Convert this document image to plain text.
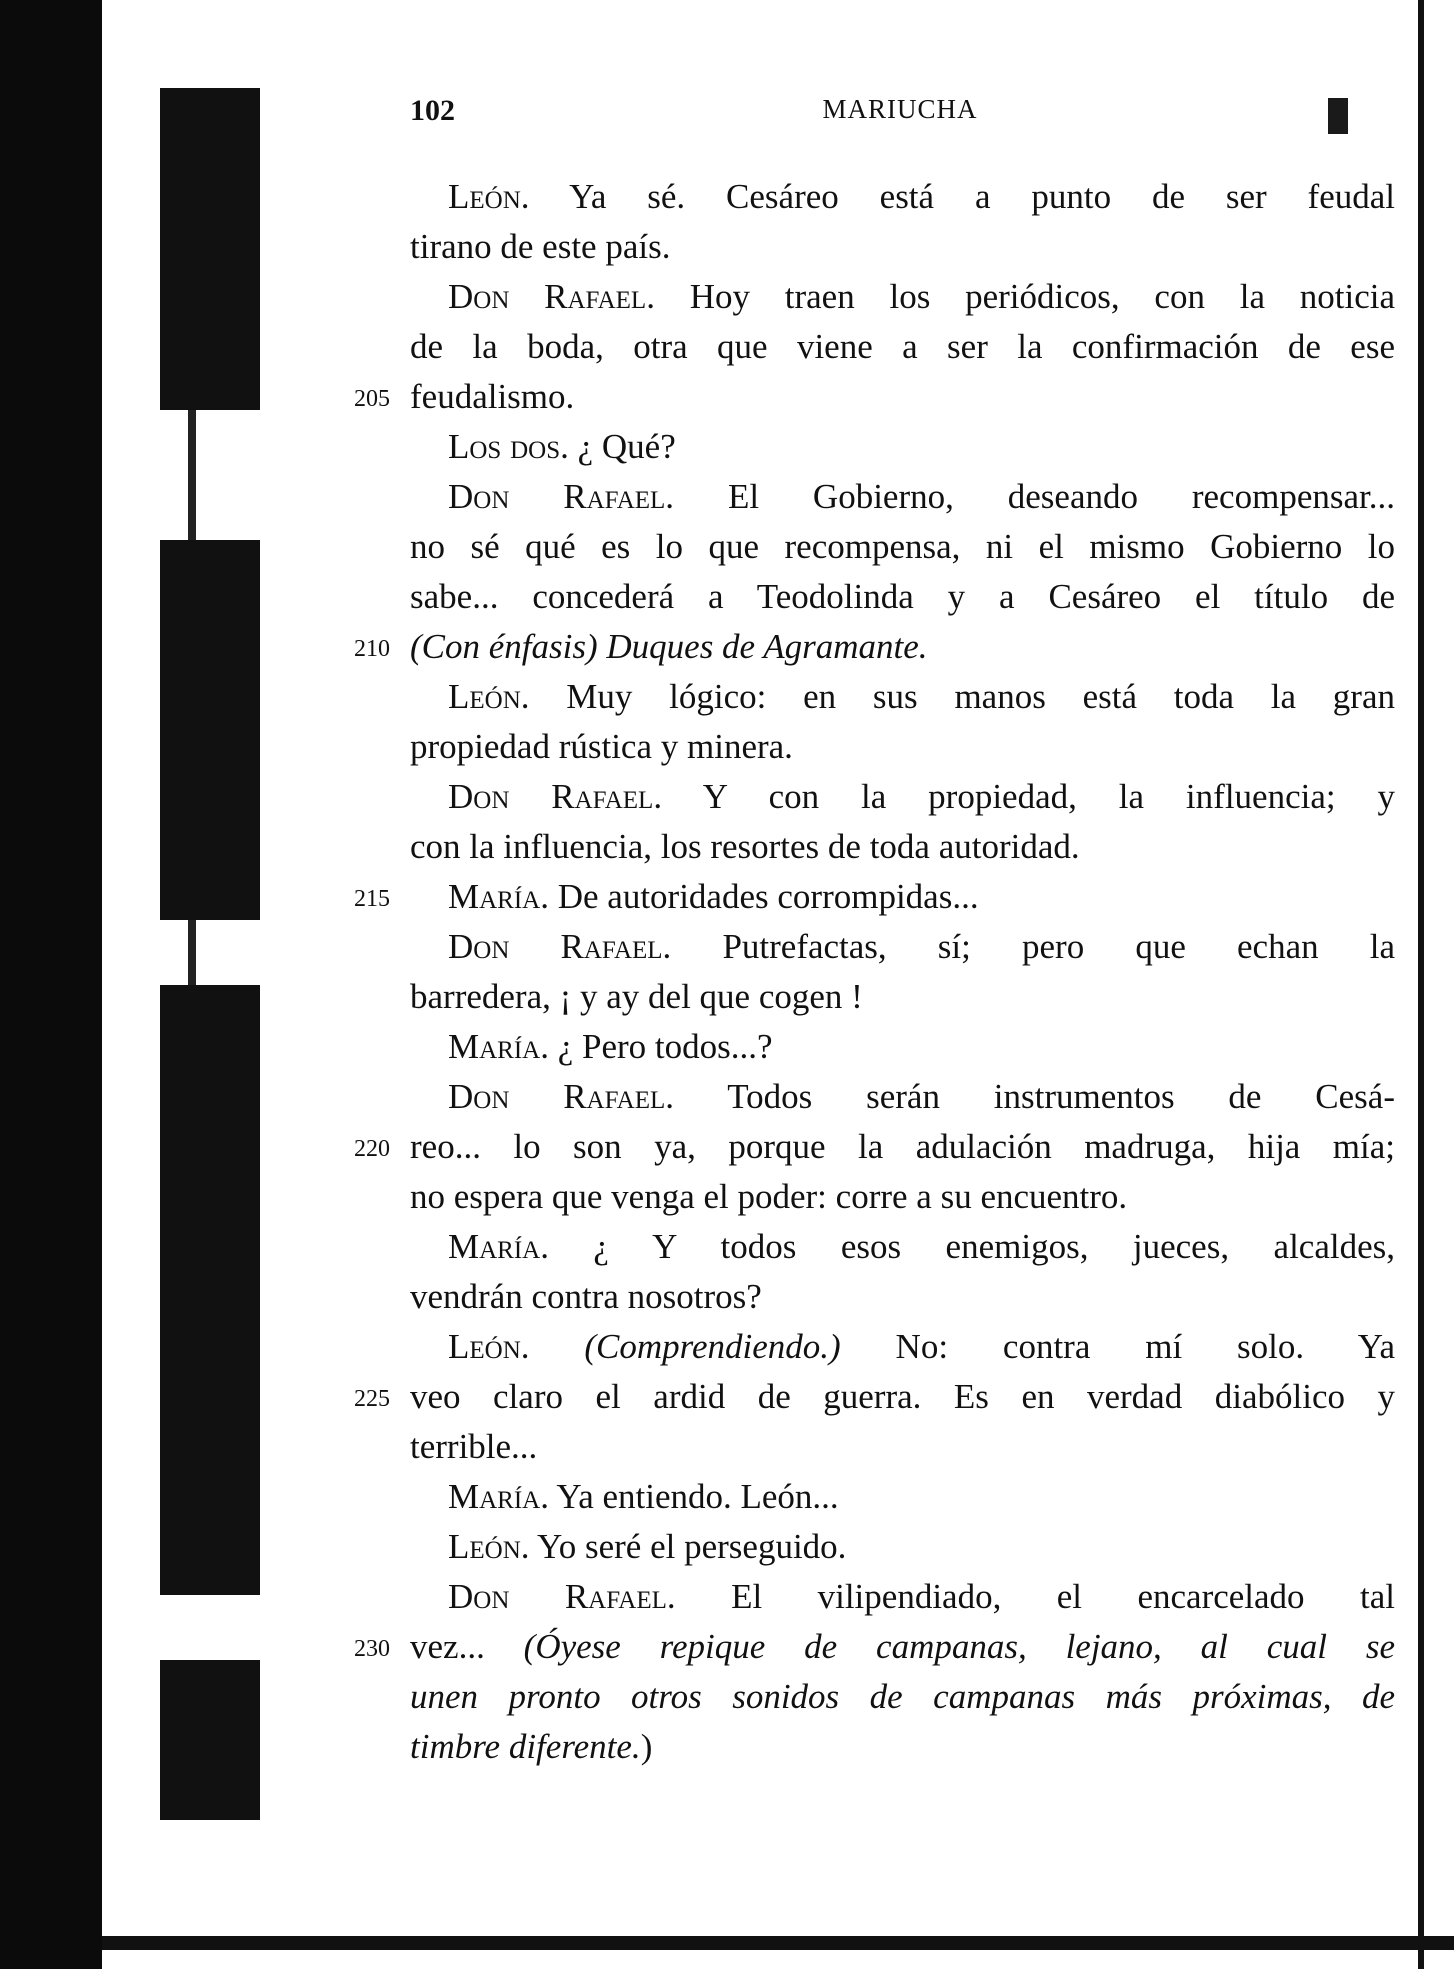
102	MARIUCHA
León. Ya sé. Cesáreo está a punto de ser feudal
tirano de este país.
Don Rafael. Hoy traen los periódicos, con la noticia
de la boda, otra que viene a ser la confirmación de ese
205 feudalismo.
Los dos. ¿ Qué?
Don Rafael. El Gobierno, deseando recompensar...
no sé qué es lo que recompensa, ni el mismo Gobierno lo
sabe... concederá a Teodolinda y a Cesáreo el título de
210 (Con énfasis) Duques de Agramante.
León. Muy lógico: en sus manos está toda la gran
propiedad rústica y minera.
Don Rafael. Y con la propiedad, la influencia; y
con la influencia, los resortes de toda autoridad.
215 María. De autoridades corrompidas...
Don Rafael. Putrefactas, sí; pero que echan la
barredera, ¡ y ay del que cogen !
María. ¿ Pero todos...?
Don Rafael. Todos serán instrumentos de Cesá-
220 reo... lo son ya, porque la adulación madruga, hija mía;
no espera que venga el poder: corre a su encuentro.
María. ¿ Y todos esos enemigos, jueces, alcaldes,
vendrán contra nosotros?
León. (Comprendiendo.) No: contra mí solo. Ya
225 veo claro el ardid de guerra. Es en verdad diabólico y
terrible...
María. Ya entiendo. León...
León. Yo seré el perseguido.
Don Rafael. El vilipendiado, el encarcelado tal
230 vez... (Óyese repique de campanas, lejano, al cual se
unen pronto otros sonidos de campanas más próximas, de
timbre diferente.)
